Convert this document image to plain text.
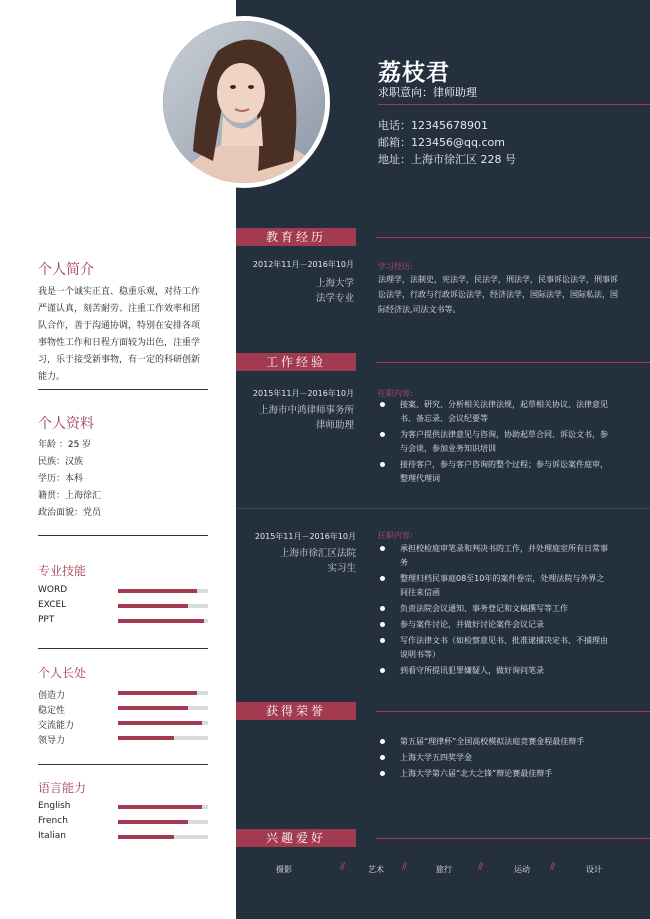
荔枝君
求职意向：律师助理
电话：12345678901
邮箱：123456@qq.com
地址：上海市徐汇区 228 号
教育经历
2012年11月－2016年10月
上海大学
法学专业
学习经历:
法理学，法制史，宪法学，民法学，刑法学，民事诉讼法学，刑事诉讼法学，行政与行政诉讼法学，经济法学，国际法学，国际私法，国际经济法,司法文书等。
工作经验
2015年11月－2016年10月
上海市中鸿律师事务所
律师助理
任职内容:
接案、研究、分析相关法律法规，起草相关协议、法律意见书、备忘录、会议纪要等
为客户提供法律意见与咨询，协助起草合同、诉讼文书，参与会谈，参加业务知识培训
接待客户，参与客户咨询的整个过程；参与诉讼案件庭审，整理代理词
2015年11月－2016年10月
上海市徐汇区法院
实习生
任职内容:
承担校检庭审笔录和判决书的工作，并处理庭室所有日常事务
整理归档民事庭08至10年的案件卷宗，处理法院与外界之间往来信函
负责法院会议通知、事务登记和文稿撰写等工作
参与案件讨论，并做好讨论案件会议记录
写作法律文书（如检察意见书、批准逮捕决定书、不捕理由说明书等）
到看守所提讯犯罪嫌疑人，做好询问笔录
获得荣誉
第五届“理律杯”全国高校模拟法庭竞赛金程最佳辩手
上海大学五四奖学金
上海大学第六届“北大之锋”辩论赛最佳辩手
兴趣爱好
摄影	//	艺术 //	旅行	//	运动 //	设计
个人简介
我是一个诚实正直、稳重乐观，对待工作严谨认真，刻苦耐劳、注重工作效率和团队合作，善于沟通协调，特别在安排各项事物性工作和日程方面较为出色，注重学习，乐于接受新事物，有一定的科研创新能力。
个人资料
年龄 ：25 岁
民族：汉族
学历：本科
籍贯：上海徐汇
政治面貌：党员
专业技能
WORD
EXCEL
PPT
个人长处
创造力
稳定性
交流能力
领导力
语言能力
English
French
Italian
